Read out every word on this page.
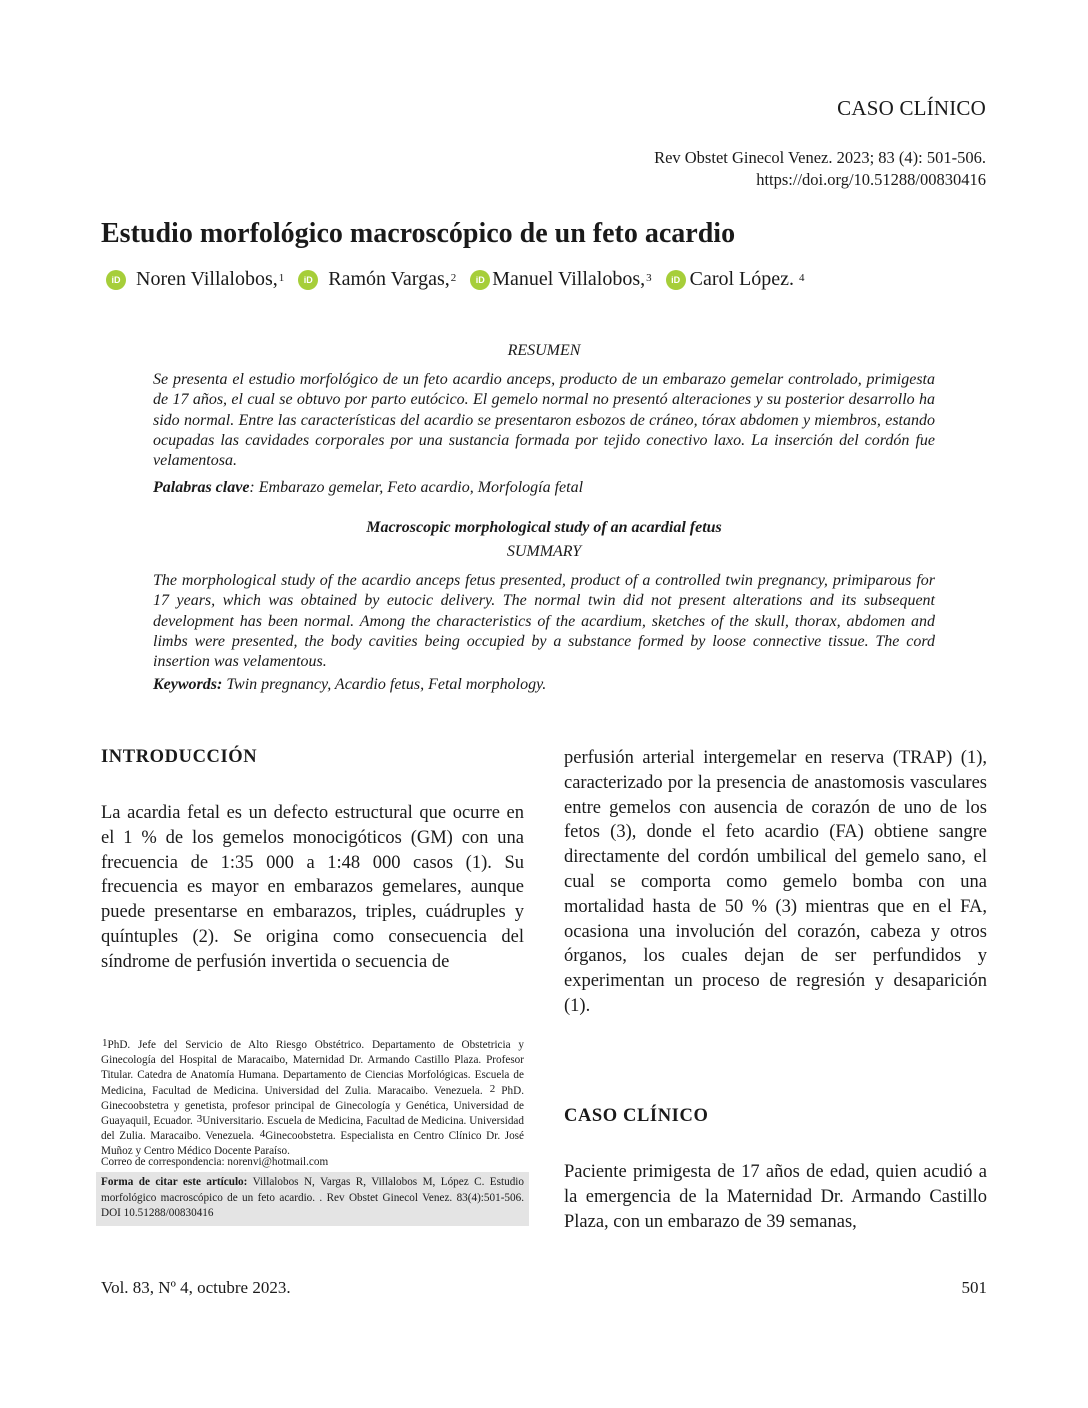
CASO CLÍNICO
Rev Obstet Ginecol Venez. 2023; 83 (4): 501-506.
https://doi.org/10.51288/00830416
Estudio morfológico macroscópico de un feto acardio
iD Noren Villalobos,$^1$	iD Ramón Vargas,$^2$	iD Manuel Villalobos,$^3$	iD Carol López. $^4$
RESUMEN
Se presenta el estudio morfológico de un feto acardio anceps, producto de un embarazo gemelar controlado, primigesta de 17 años, el cual se obtuvo por parto eutócico. El gemelo normal no presentó alteraciones y su posterior desarrollo ha sido normal. Entre las características del acardio se presentaron esbozos de cráneo, tórax abdomen y miembros, estando ocupadas las cavidades corporales por una sustancia formada por tejido conectivo laxo. La inserción del cordón fue velamentosa.
Palabras clave: Embarazo gemelar, Feto acardio, Morfología fetal
Macroscopic morphological study of an acardial fetus
SUMMARY
The morphological study of the acardio anceps fetus presented, product of a controlled twin pregnancy, primiparous for 17 years, which was obtained by eutocic delivery. The normal twin did not present alterations and its subsequent development has been normal. Among the characteristics of the acardium, sketches of the skull, thorax, abdomen and limbs were presented, the body cavities being occupied by a substance formed by loose connective tissue. The cord insertion was velamentous.
Keywords: Twin pregnancy, Acardio fetus, Fetal morphology.
INTRODUCCIÓN
La acardia fetal es un defecto estructural que ocurre en el 1 % de los gemelos monocigóticos (GM) con una frecuencia de 1:35 000 a 1:48 000 casos (1). Su frecuencia es mayor en embarazos gemelares, aunque puede presentarse en embarazos, triples, cuádruples y quíntuples (2). Se origina como consecuencia del síndrome de perfusión invertida o secuencia de
perfusión arterial intergemelar en reserva (TRAP) (1), caracterizado por la presencia de anastomosis vasculares entre gemelos con ausencia de corazón de uno de los fetos (3), donde el feto acardio (FA) obtiene sangre directamente del cordón umbilical del gemelo sano, el cual se comporta como gemelo bomba con una mortalidad hasta de 50 % (3) mientras que en el FA, ocasiona una involución del corazón, cabeza y otros órganos, los cuales dejan de ser perfundidos y experimentan un proceso de regresión y desaparición (1).
CASO CLÍNICO
Paciente primigesta de 17 años de edad, quien acudió a la emergencia de la Maternidad Dr. Armando Castillo Plaza, con un embarazo de 39 semanas,
$^1$PhD. Jefe del Servicio de Alto Riesgo Obstétrico. Departamento de Obstetricia y Ginecología del Hospital de Maracaibo, Maternidad Dr. Armando Castillo Plaza. Profesor Titular. Catedra de Anatomía Humana. Departamento de Ciencias Morfológicas. Escuela de Medicina, Facultad de Medicina. Universidad del Zulia. Maracaibo. Venezuela. $^2$ PhD. Ginecoobstetra y genetista, profesor principal de Ginecología y Genética, Universidad de Guayaquil, Ecuador. $^3$Universitario. Escuela de Medicina, Facultad de Medicina. Universidad del Zulia. Maracaibo. Venezuela. $^4$Ginecoobstetra. Especialista en Centro Clínico Dr. José Muñoz y Centro Médico Docente Paraíso.
Correo de correspondencia: norenvi@hotmail.com
Forma de citar este artículo: Villalobos N, Vargas R, Villalobos M, López C. Estudio morfológico macroscópico de un feto acardio. . Rev Obstet Ginecol Venez. 83(4):501-506. DOI 10.51288/00830416
Vol. 83, Nº 4, octubre 2023.	501
